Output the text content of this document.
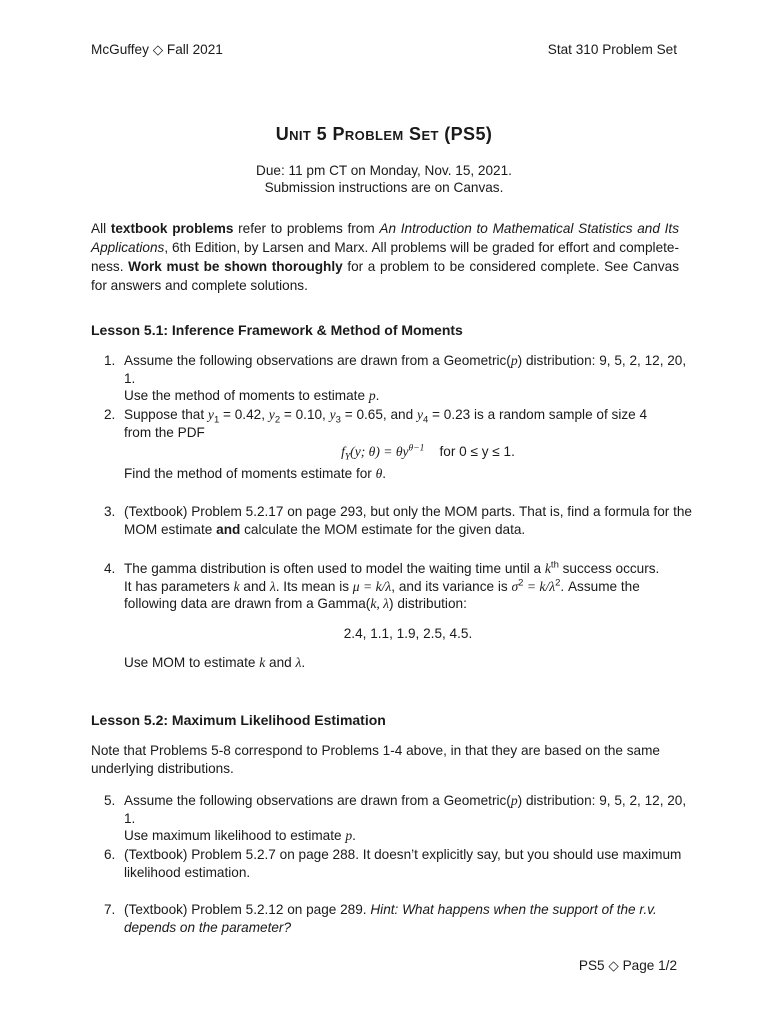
McGuffey ◇ Fall 2021	Stat 310 Problem Set
UNIT 5 PROBLEM SET (PS5)
Due: 11 pm CT on Monday, Nov. 15, 2021.
Submission instructions are on Canvas.
All textbook problems refer to problems from An Introduction to Mathematical Statistics and Its Applications, 6th Edition, by Larsen and Marx. All problems will be graded for effort and complete-ness. Work must be shown thoroughly for a problem to be considered complete. See Canvas for answers and complete solutions.
Lesson 5.1: Inference Framework & Method of Moments
1. Assume the following observations are drawn from a Geometric(p) distribution: 9, 5, 2, 12, 20, 1.
Use the method of moments to estimate p.
2. Suppose that $y_1 = 0.42$, $y_2 = 0.10$, $y_3 = 0.65$, and $y_4 = 0.23$ is a random sample of size 4
from the PDF
$f_Y(y$; $\theta) = \theta y^{\theta-1}$ for 0 ≤ y ≤ 1.
Find the method of moments estimate for θ.
3. (Textbook) Problem 5.2.17 on page 293, but only the MOM parts. That is, find a formula for the MOM estimate and calculate the MOM estimate for the given data.
4. The gamma distribution is often used to model the waiting time until a $k^{th}$ success occurs.
It has parameters k and λ. Its mean is μ = k/λ, and its variance is $\sigma^2 = k/\lambda^2$. Assume the
following data are drawn from a Gamma(k, λ) distribution:
2.4, 1.1, 1.9, 2.5, 4.5.
Use MOM to estimate k and λ.
Lesson 5.2: Maximum Likelihood Estimation
Note that Problems 5-8 correspond to Problems 1-4 above, in that they are based on the same underlying distributions.
5. Assume the following observations are drawn from a Geometric(p) distribution: 9, 5, 2, 12, 20, 1.
Use maximum likelihood to estimate p.
6. (Textbook) Problem 5.2.7 on page 288. It doesn’t explicitly say, but you should use maximum likelihood estimation.
7. (Textbook) Problem 5.2.12 on page 289. Hint: What happens when the support of the r.v. depends on the parameter?
PS5 ◇ Page 1/2
